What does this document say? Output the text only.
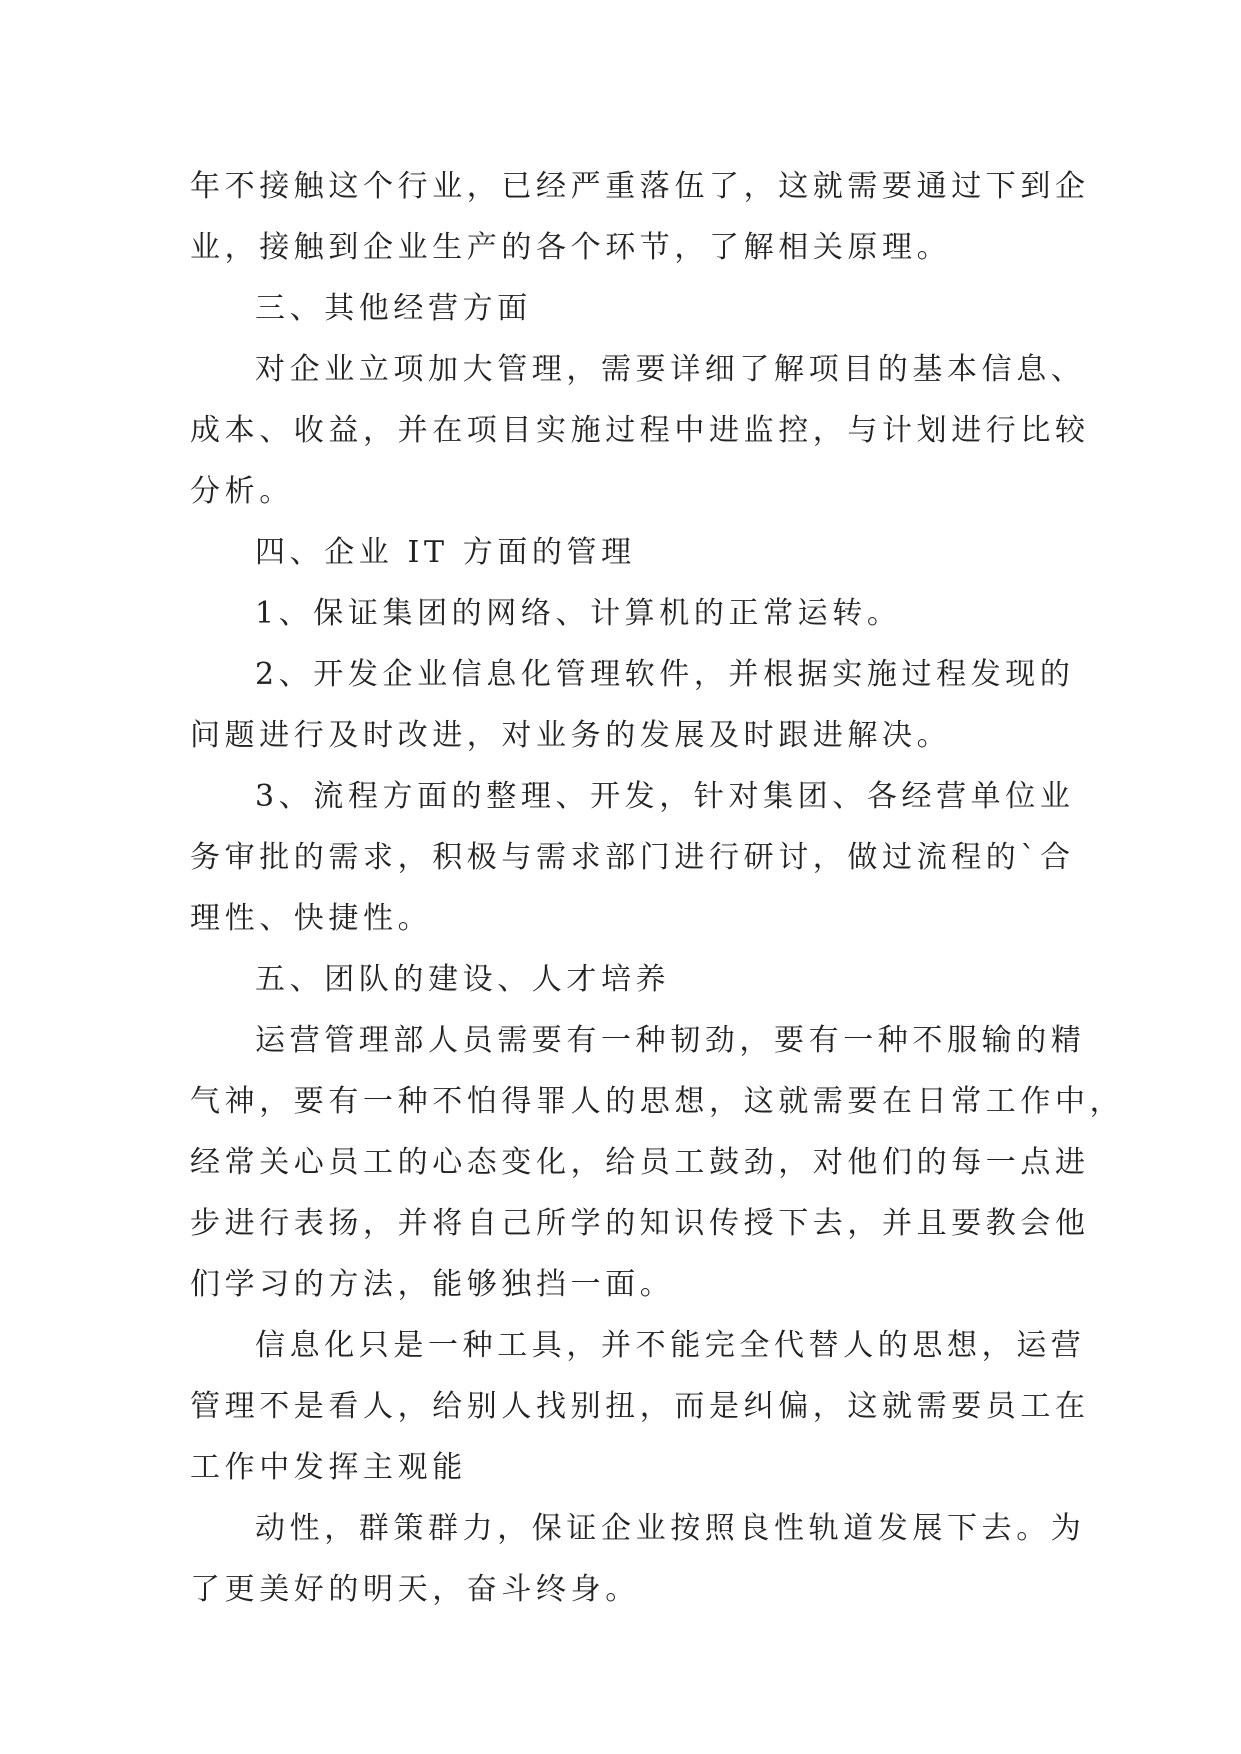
年不接触这个行业，已经严重落伍了，这就需要通过下到企
业，接触到企业生产的各个环节，了解相关原理。

三、其他经营方面

对企业立项加大管理，需要详细了解项目的基本信息、
成本、收益，并在项目实施过程中进监控，与计划进行比较
分析。

四、企业 IT 方面的管理

1、保证集团的网络、计算机的正常运转。

2、开发企业信息化管理软件，并根据实施过程发现的
问题进行及时改进，对业务的发展及时跟进解决。

3、流程方面的整理、开发，针对集团、各经营单位业
务审批的需求，积极与需求部门进行研讨，做过流程的`合
理性、快捷性。

五、团队的建设、人才培养

运营管理部人员需要有一种韧劲，要有一种不服输的精
气神，要有一种不怕得罪人的思想，这就需要在日常工作中，
经常关心员工的心态变化，给员工鼓劲，对他们的每一点进
步进行表扬，并将自己所学的知识传授下去，并且要教会他
们学习的方法，能够独挡一面。

信息化只是一种工具，并不能完全代替人的思想，运营
管理不是看人，给别人找别扭，而是纠偏，这就需要员工在
工作中发挥主观能

动性，群策群力，保证企业按照良性轨道发展下去。为
了更美好的明天，奋斗终身。
